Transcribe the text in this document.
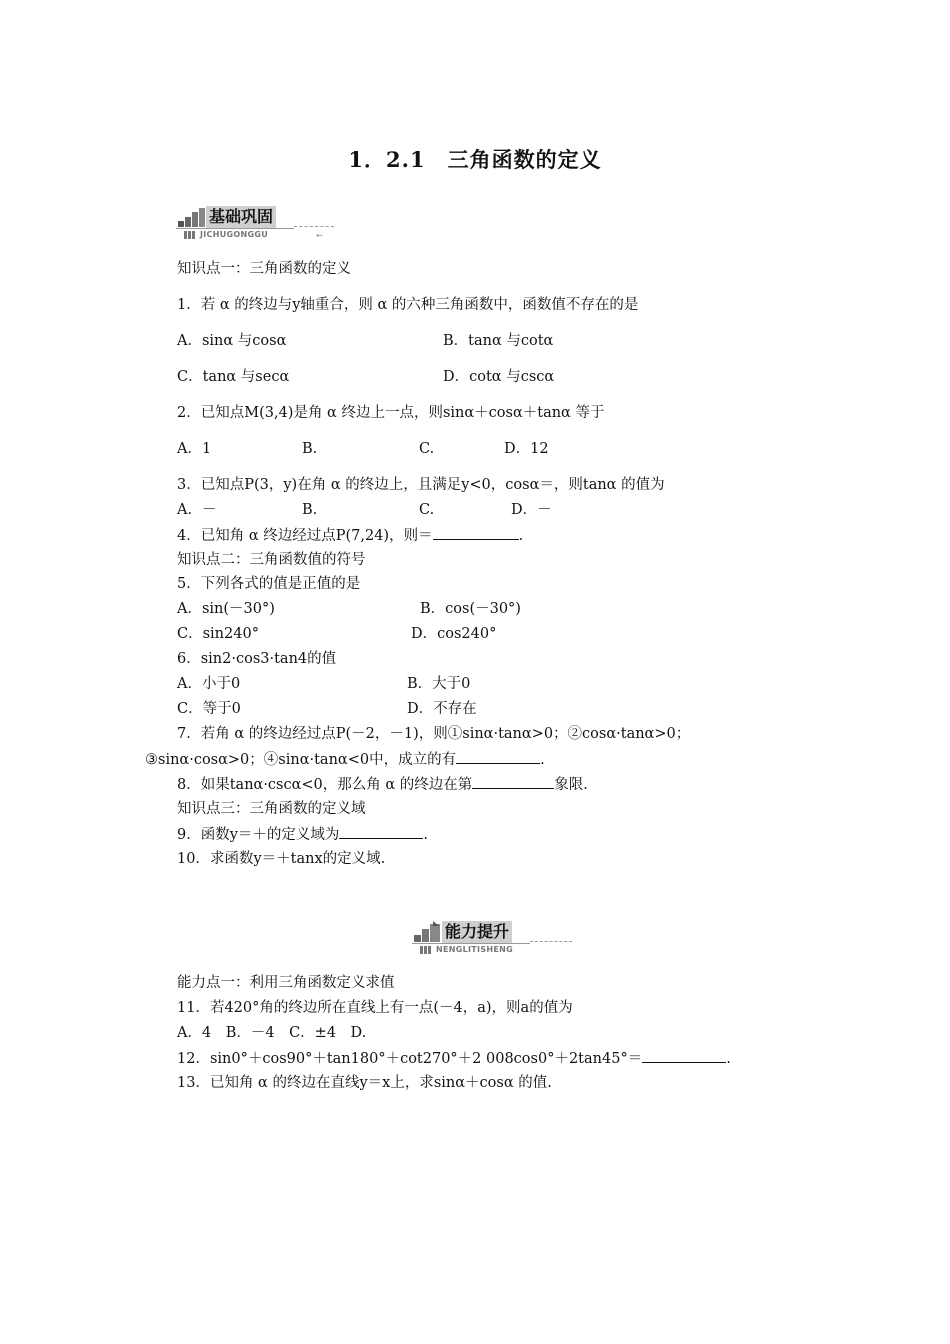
1．2.1　三角函数的定义
基础巩固
JICHUGONGGU	←
知识点一：三角函数的定义
1．若 α 的终边与y轴重合，则 α 的六种三角函数中，函数值不存在的是
A．sinα 与cosα	B．tanα 与cotα
C．tanα 与secα	D．cotα 与cscα
2．已知点M(3,4)是角 α 终边上一点，则sinα＋cosα＋tanα 等于
A．1	B.	C.	D．12
3．已知点P(3，y)在角 α 的终边上，且满足y<0，cosα＝，则tanα 的值为
A．－	B.	C.	D．－
4．已知角 α 终边经过点P(7,24)，则＝	.
知识点二：三角函数值的符号
5．下列各式的值是正值的是
A．sin(－30°)	B．cos(－30°)
C．sin240°	D．cos240°
6．sin2·cos3·tan4的值
A．小于0	B．大于0
C．等于0	D．不存在
7．若角 α 的终边经过点P(－2，－1)，则①sinα·tanα>0；②cosα·tanα>0；
③sinα·cosα>0；④sinα·tanα<0中，成立的有	.
8．如果tanα·cscα<0，那么角 α 的终边在第	象限.
知识点三：三角函数的定义域
9．函数y＝＋的定义域为	.
10．求函数y＝＋tanx的定义域.
能力提升
NENGLITISHENG
能力点一：利用三角函数定义求值
11．若420°角的终边所在直线上有一点(－4，a)，则a的值为
A．4　B．－4　C．±4　D.
12．sin0°＋cos90°＋tan180°＋cot270°＋2 008cos0°＋2tan45°＝	.
13．已知角 α 的终边在直线y＝x上，求sinα＋cosα 的值.
